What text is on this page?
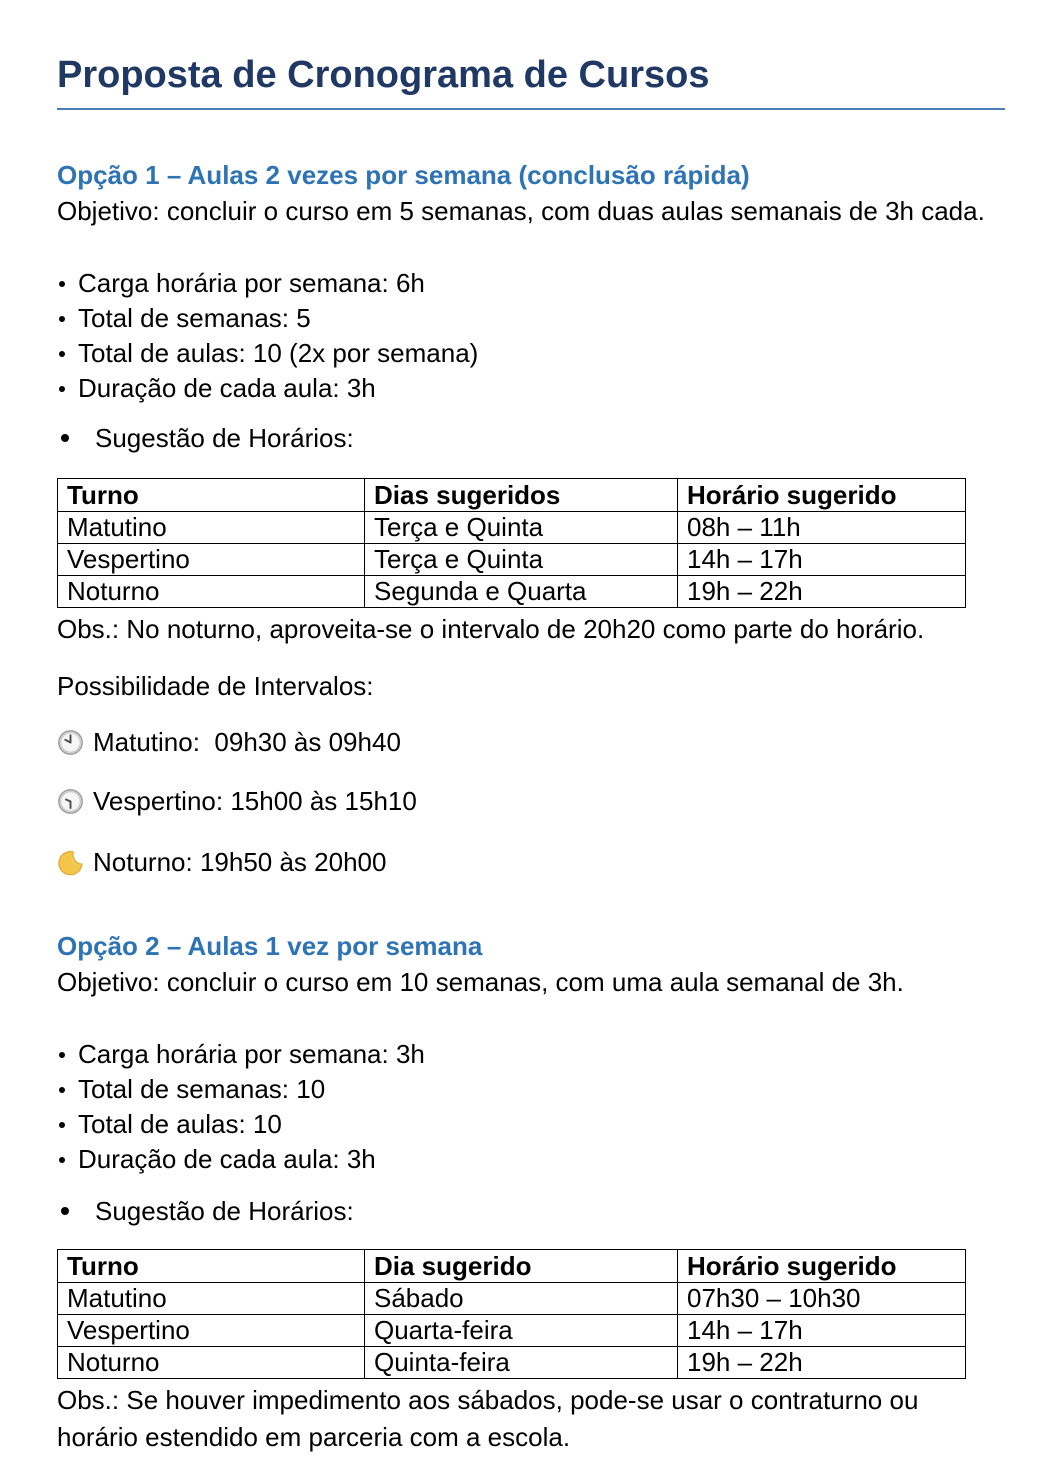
Proposta de Cronograma de Cursos
Opção 1 – Aulas 2 vezes por semana (conclusão rápida)
Objetivo: concluir o curso em 5 semanas, com duas aulas semanais de 3h cada.
Carga horária por semana: 6h
Total de semanas: 5
Total de aulas: 10 (2x por semana)
Duração de cada aula: 3h
Sugestão de Horários:
Turno	Dias sugeridos	Horário sugerido
Matutino	Terça e Quinta	08h – 11h
Vespertino	Terça e Quinta	14h – 17h
Noturno	Segunda e Quarta	19h – 22h
Obs.: No noturno, aproveita-se o intervalo de 20h20 como parte do horário.
Possibilidade de Intervalos:
Matutino:  09h30 às 09h40
Vespertino: 15h00 às 15h10
Noturno: 19h50 às 20h00
Opção 2 – Aulas 1 vez por semana
Objetivo: concluir o curso em 10 semanas, com uma aula semanal de 3h.
Carga horária por semana: 3h
Total de semanas: 10
Total de aulas: 10
Duração de cada aula: 3h
Sugestão de Horários:
Turno	Dia sugerido	Horário sugerido
Matutino	Sábado	07h30 – 10h30
Vespertino	Quarta-feira	14h – 17h
Noturno	Quinta-feira	19h – 22h
Obs.: Se houver impedimento aos sábados, pode-se usar o contraturno ou horário estendido em parceria com a escola.
